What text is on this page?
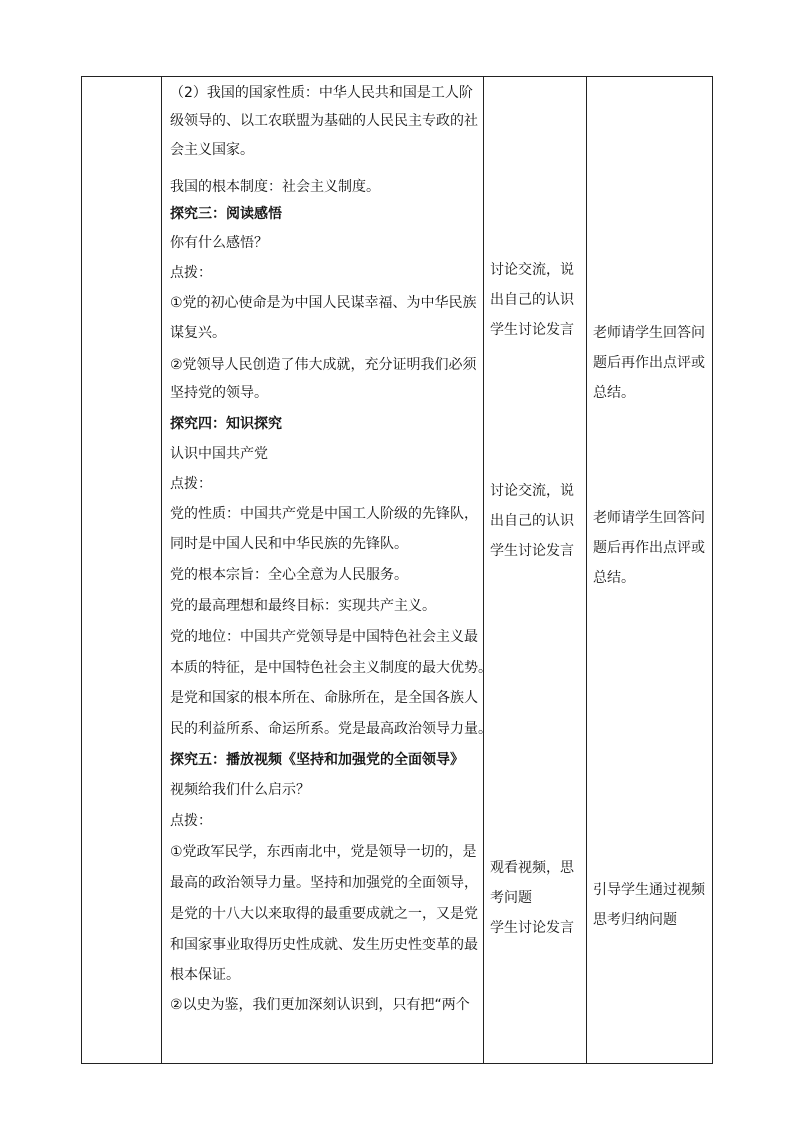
（2）我国的国家性质：中华人民共和国是工人阶
级领导的、以工农联盟为基础的人民民主专政的社
会主义国家。
我国的根本制度：社会主义制度。
探究三：阅读感悟
你有什么感悟？
点拨：
①党的初心使命是为中国人民谋幸福、为中华民族
谋复兴。
②党领导人民创造了伟大成就，充分证明我们必须
坚持党的领导。
探究四：知识探究
认识中国共产党
点拨：
党的性质：中国共产党是中国工人阶级的先锋队，
同时是中国人民和中华民族的先锋队。
党的根本宗旨：全心全意为人民服务。
党的最高理想和最终目标：实现共产主义。
党的地位：中国共产党领导是中国特色社会主义最
本质的特征，是中国特色社会主义制度的最大优势。
是党和国家的根本所在、命脉所在，是全国各族人
民的利益所系、命运所系。党是最高政治领导力量。
探究五：播放视频《坚持和加强党的全面领导》
视频给我们什么启示？
点拨：
①党政军民学，东西南北中，党是领导一切的，是
最高的政治领导力量。坚持和加强党的全面领导，
是党的十八大以来取得的最重要成就之一，又是党
和国家事业取得历史性成就、发生历史性变革的最
根本保证。
②以史为鉴，我们更加深刻认识到，只有把“两个
讨论交流，说
出自己的认识
学生讨论发言
讨论交流，说
出自己的认识
学生讨论发言
观看视频，思
考问题
学生讨论发言
老师请学生回答问
题后再作出点评或
总结。
老师请学生回答问
题后再作出点评或
总结。
引导学生通过视频
思考归纳问题
